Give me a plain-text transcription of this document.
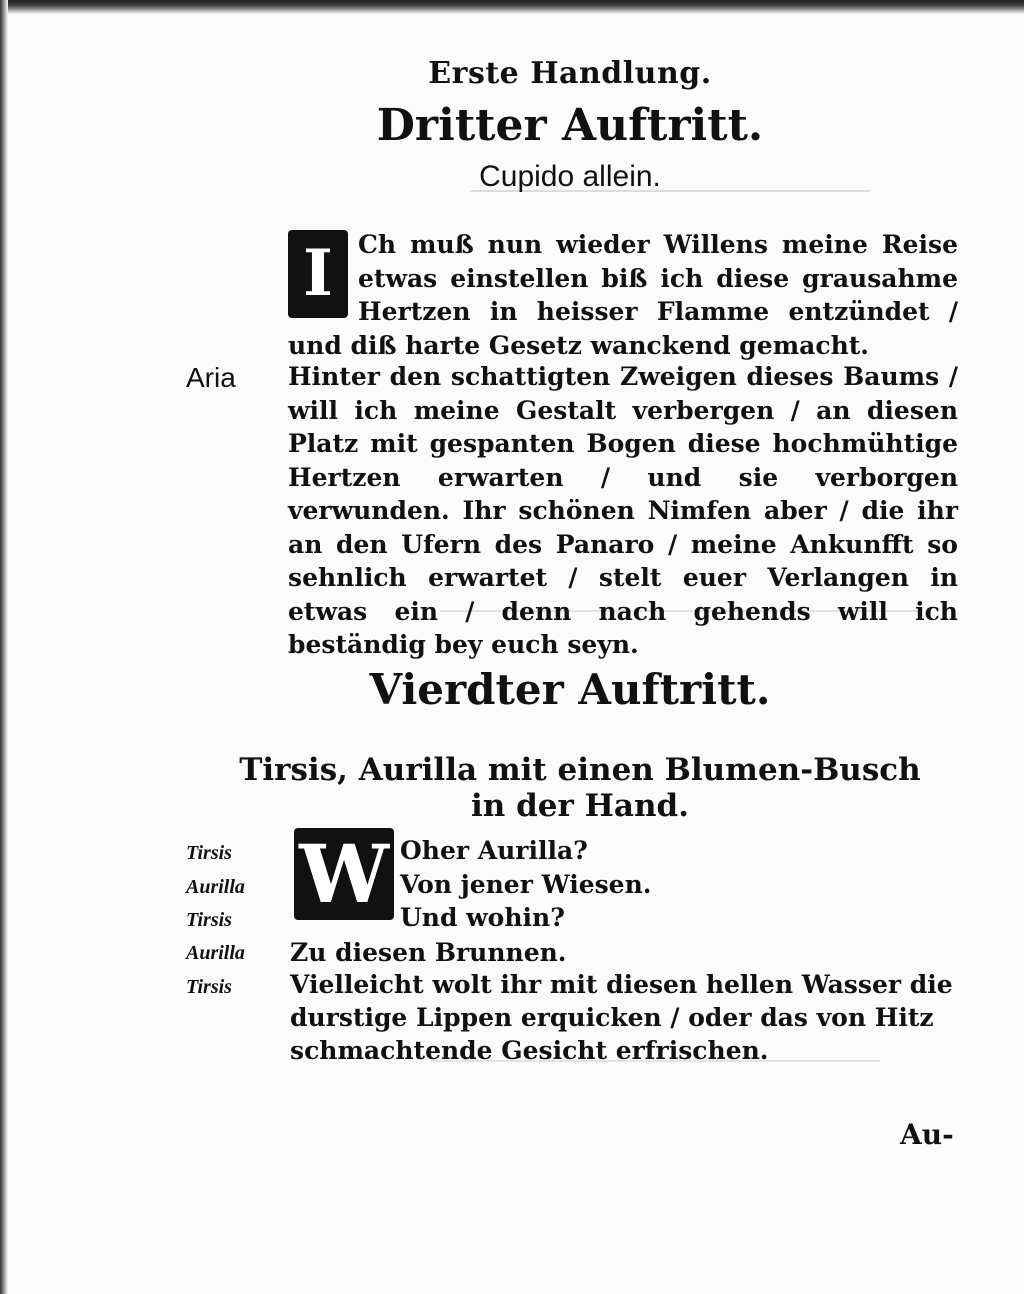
Erste Handlung.
Dritter Auftritt.
Cupido allein.
I	Ch muß nun wieder Willens meine Reise etwas einstellen biß ich diese grausahme Hertzen in heisser Flamme entzündet / und diß harte Gesetz wanckend gemacht.
Aria Hinter den schattigten Zweigen dieses Baums / will ich meine Gestalt verbergen / an diesen Platz mit gespanten Bogen diese hochmühtige Hertzen erwarten / und sie verborgen verwunden. Ihr schönen Nimfen aber / die ihr an den Ufern des Panaro / meine Ankunfft so sehnlich erwartet / stelt euer Verlangen in etwas ein / denn nach gehends will ich beständig bey euch seyn.
Vierdter Auftritt.
Tirsis, Aurilla mit einen Blumen-Busch in der Hand.
W
Tirsis	Oher Aurilla?
Aurilla	Von jener Wiesen.
Tirsis	Und wohin?
Aurilla Zu diesen Brunnen.
Tirsis Vielleicht wolt ihr mit diesen hellen Wasser die durstige Lippen erquicken / oder das von Hitz schmachtende Gesicht erfrischen.
Au-
